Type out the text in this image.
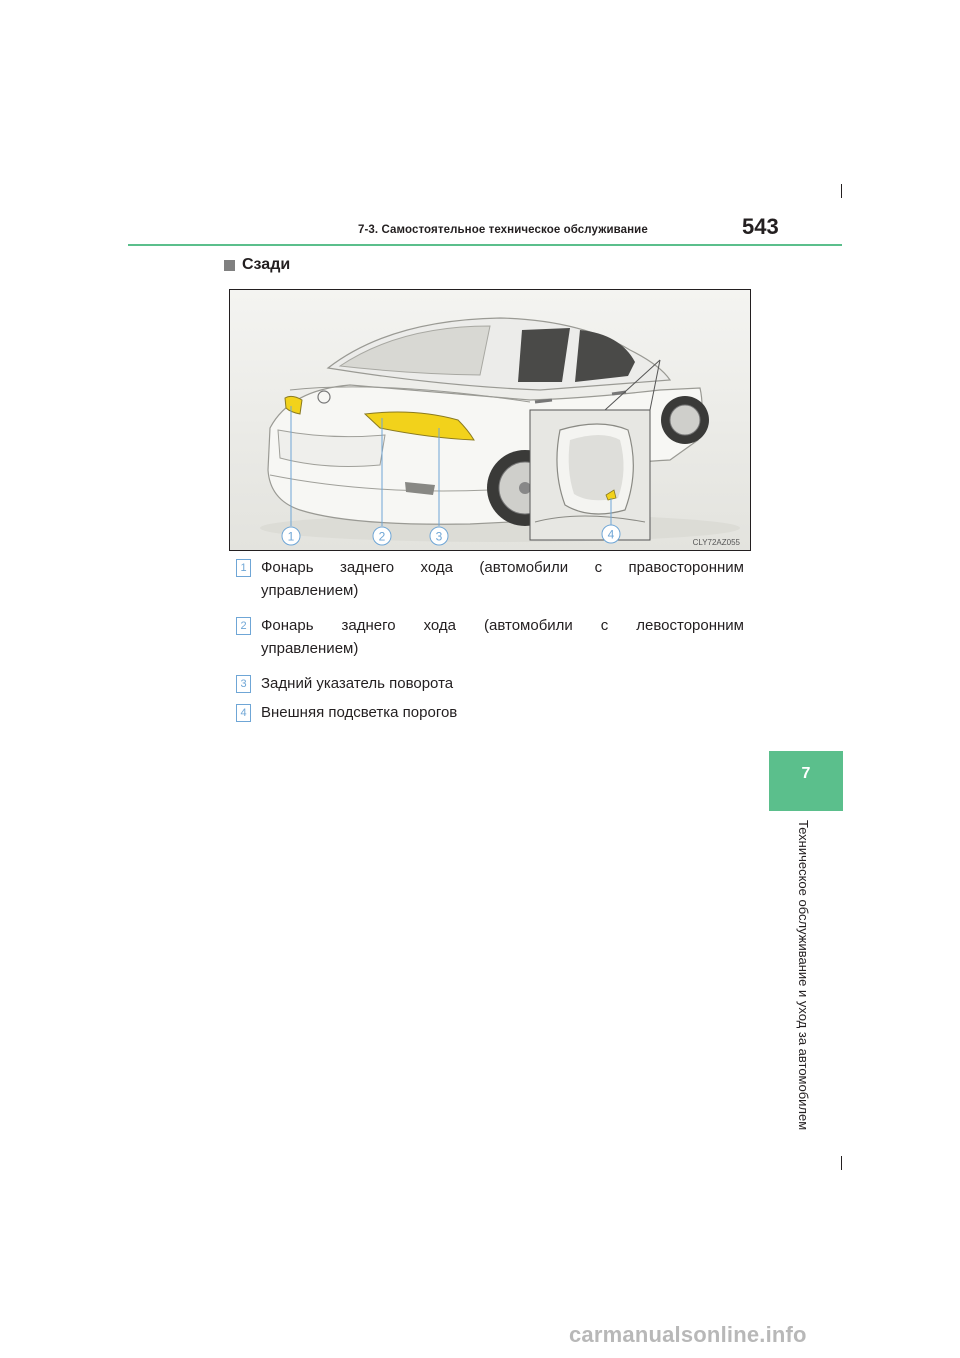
7-3. Самостоятельное техническое обслуживание	543
Сзади
1	2	3	4
CLY72AZ055
1 Фонарь заднего хода (автомобили с правосторонним
управлением)
2 Фонарь заднего хода (автомобили с левосторонним
управлением)
3 Задний указатель поворота
4 Внешняя подсветка порогов
7
Техническое обслуживание и уход за автомобилем
carmanualsonline.info
